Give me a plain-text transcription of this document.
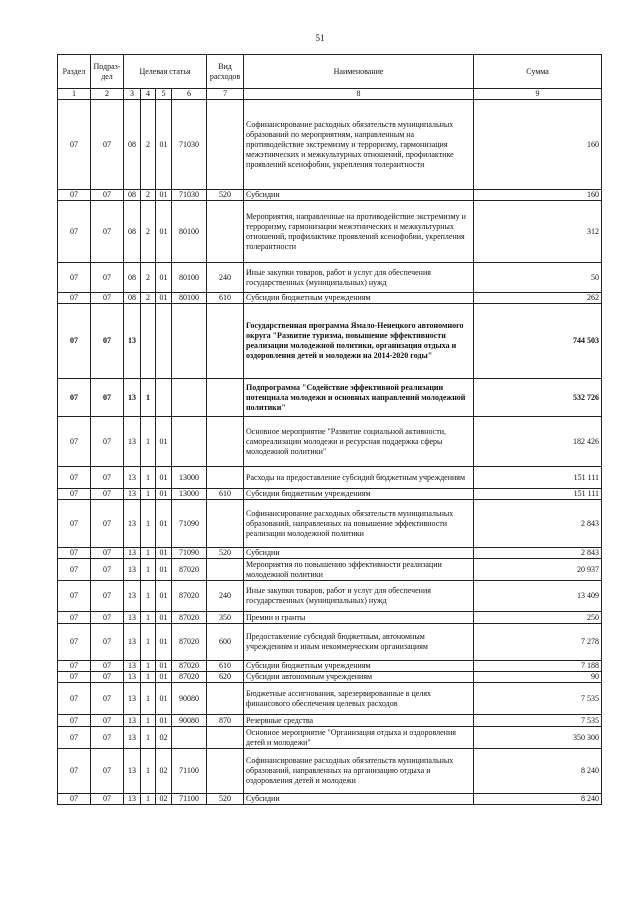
51
Раздел	Подраз-дел	Целевая статья				Вид расходов	Наименование	Сумма
1	2	3	4	5	6	7	8	9
07	07	08	2	01	71030		Софинансирование расходных обязательств муниципальных образований по мероприятиям, направленным на противодействие экстремизму и терроризму, гармонизация межэтнических и межкультурных отношений, профилактике проявлений ксенофобии, укрепления толерантности	160
07	07	08	2	01	71030	520	Субсидии	160
07	07	08	2	01	80100		Мероприятия, направленные на противодействие экстремизму и терроризму, гармонизации межэтнических и межкультурных отношений, профилактике проявлений ксенофобии, укрепления толерантности	312
07	07	08	2	01	80100	240	Иные закупки товаров, работ и услуг для обеспечения государственных (муниципальных) нужд	50
07	07	08	2	01	80100	610	Субсидии бюджетным учреждениям	262
07	07	13					Государственная программа Ямало-Ненецкого автономного округа "Развитие туризма, повышение эффективности реализации молодежной политики, организация отдыха и оздоровления детей и молодежи на 2014-2020 годы"	744 503
07	07	13	1				Подпрограмма "Содействие эффективной реализации потенциала молодежи и основных направлений молодежной политики"	532 726
07	07	13	1	01			Основное мероприятие "Развитие социальной активности, самореализации молодежи и ресурсная поддержка сферы молодежной политики"	182 426
07	07	13	1	01	13000		Расходы на предоставление субсидий бюджетным учреждениям	151 111
07	07	13	1	01	13000	610	Субсидии бюджетным учреждениям	151 111
07	07	13	1	01	71090		Софинансирование расходных обязательств муниципальных образований, направленных на повышение эффективности реализации молодежной политики	2 843
07	07	13	1	01	71090	520	Субсидии	2 843
07	07	13	1	01	87020		Мероприятия по повышению эффективности реализации молодежной политики	20 937
07	07	13	1	01	87020	240	Иные закупки товаров, работ и услуг для обеспечения государственных (муниципальных) нужд	13 409
07	07	13	1	01	87020	350	Премии и гранты	250
07	07	13	1	01	87020	600	Предоставление субсидий бюджетным, автономным учреждениям и иным некоммерческим организациям	7 278
07	07	13	1	01	87020	610	Субсидии бюджетным учреждениям	7 188
07	07	13	1	01	87020	620	Субсидии автономным учреждениям	90
07	07	13	1	01	90080		Бюджетные ассигнования, зарезервированные в целях финансового обеспечения целевых расходов	7 535
07	07	13	1	01	90080	870	Резервные средства	7 535
07	07	13	1	02			Основное мероприятие "Организация отдыха и оздоровления детей и молодежи"	350 300
07	07	13	1	02	71100		Софинансирование расходных обязательств муниципальных образований, направленных на организацию отдыха и оздоровления детей и молодежи	8 240
07	07	13	1	02	71100	520	Субсидии	8 240
